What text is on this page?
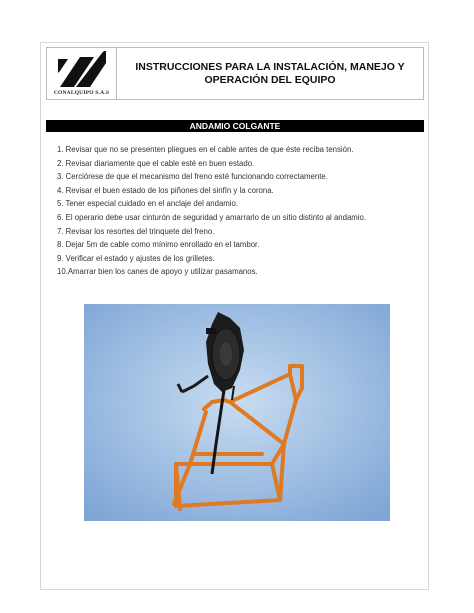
CONALQUIPO S.A.S
INSTRUCCIONES PARA LA INSTALACIÓN, MANEJO Y OPERACIÓN DEL EQUIPO
ANDAMIO COLGANTE
1. Revisar que no se presenten pliegues en el cable antes de que éste reciba tensión.
2. Revisar diariamente que el cable esté en buen estado.
3. Cerciórese de que el mecanismo del freno esté funcionando correctamente.
4. Revisar el buen estado de los piñones del sinfín y la corona.
5. Tener especial cuidado en el anclaje del andamio.
6. El operario debe usar cinturón de seguridad y amarrarlo de un sitio distinto al andamio.
7. Revisar los resortes del trinquete del freno.
8. Dejar 5m de cable como mínimo enrollado en el tambor.
9. Verificar el estado y ajustes de los grilletes.
10.Amarrar bien los canes de apoyo y utilizar pasamanos.
